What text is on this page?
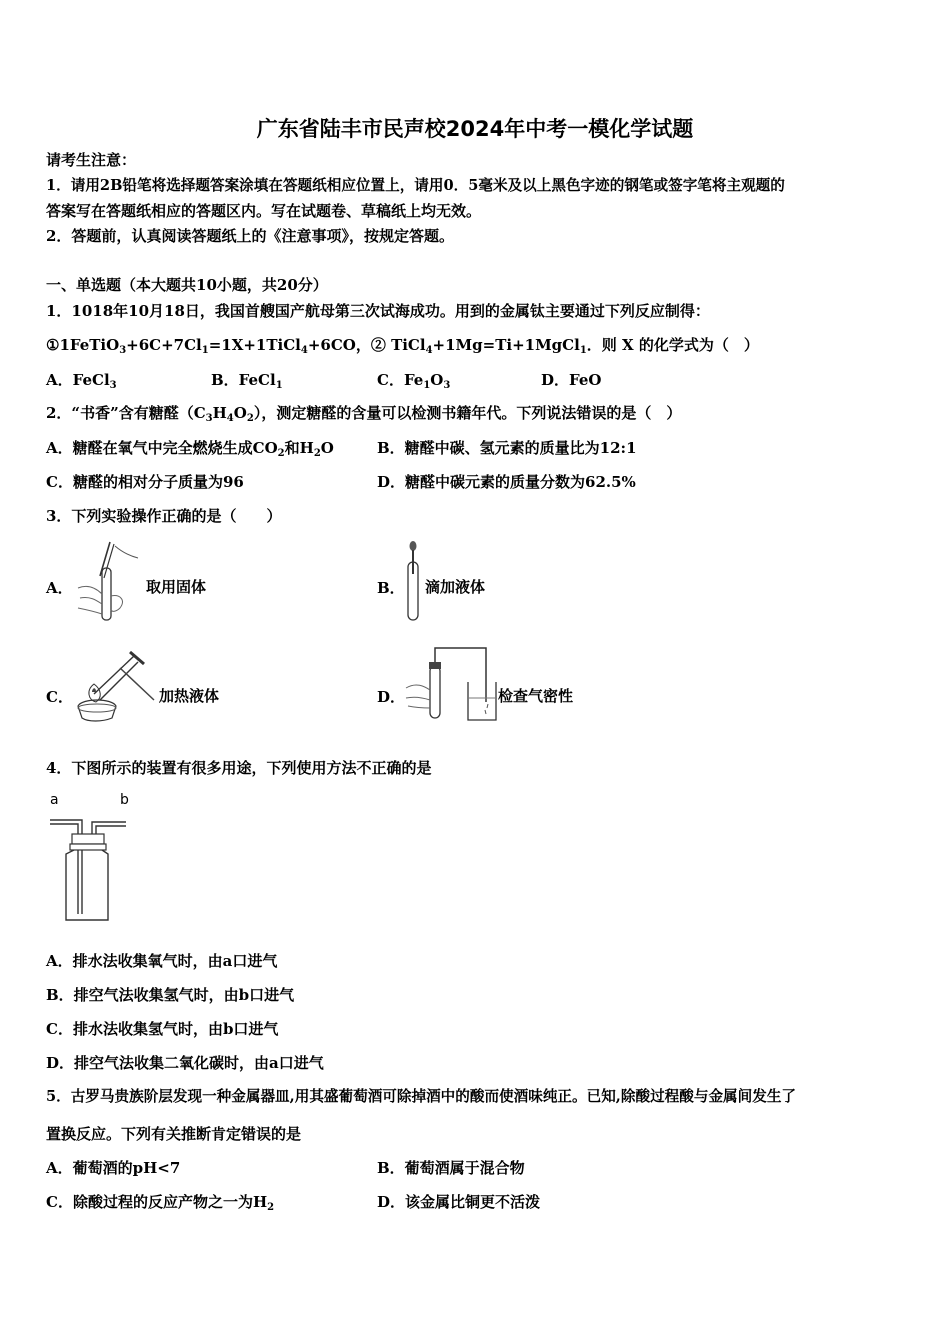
广东省陆丰市民声校2024年中考一模化学试题
请考生注意：
1．请用2B铅笔将选择题答案涂填在答题纸相应位置上，请用0．5毫米及以上黑色字迹的钢笔或签字笔将主观题的
答案写在答题纸相应的答题区内。写在试题卷、草稿纸上均无效。
2．答题前，认真阅读答题纸上的《注意事项》，按规定答题。
一、单选题（本大题共10小题，共20分）
1．1018年10月18日，我国首艘国产航母第三次试海成功。用到的金属钛主要通过下列反应制得：
$①1FeTiO_3+6C+7Cl_1=1X+1TiCl_4+6CO$，② TiCl$_4$+1Mg=Ti+1MgCl$_1$．则 X 的化学式为（　）
A．FeCl$_3$	B．FeCl$_1$	C．$Fe_1O_3$	D．FeO
2．“书香”含有糖醛$(C_3H_4O_2)$，测定糖醛的含量可以检测书籍年代。下列说法错误的是（　）
A．糖醛在氧气中完全燃烧生成$CO_2$和$H_2O$	B．糖醛中碳、氢元素的质量比为12:1
C．糖醛的相对分子质量为96	D．糖醛中碳元素的质量分数为62.5%
3．下列实验操作正确的是（　　）
A．	取用固体	B． 滴加液体
C．	加热液体	D．	检查气密性
4．下图所示的装置有很多用途，下列使用方法不正确的是
a	b
A．排水法收集氧气时，由a口进气
B．排空气法收集氢气时，由b口进气
C．排水法收集氢气时，由b口进气
D．排空气法收集二氧化碳时，由a口进气
5．古罗马贵族阶层发现一种金属器皿,用其盛葡萄酒可除掉酒中的酸而使酒味纯正。已知,除酸过程酸与金属间发生了
置换反应。下列有关推断肯定错误的是
A．葡萄酒的pH<7	B．葡萄酒属于混合物
C．除酸过程的反应产物之一为$H_2$	D．该金属比铜更不活泼
